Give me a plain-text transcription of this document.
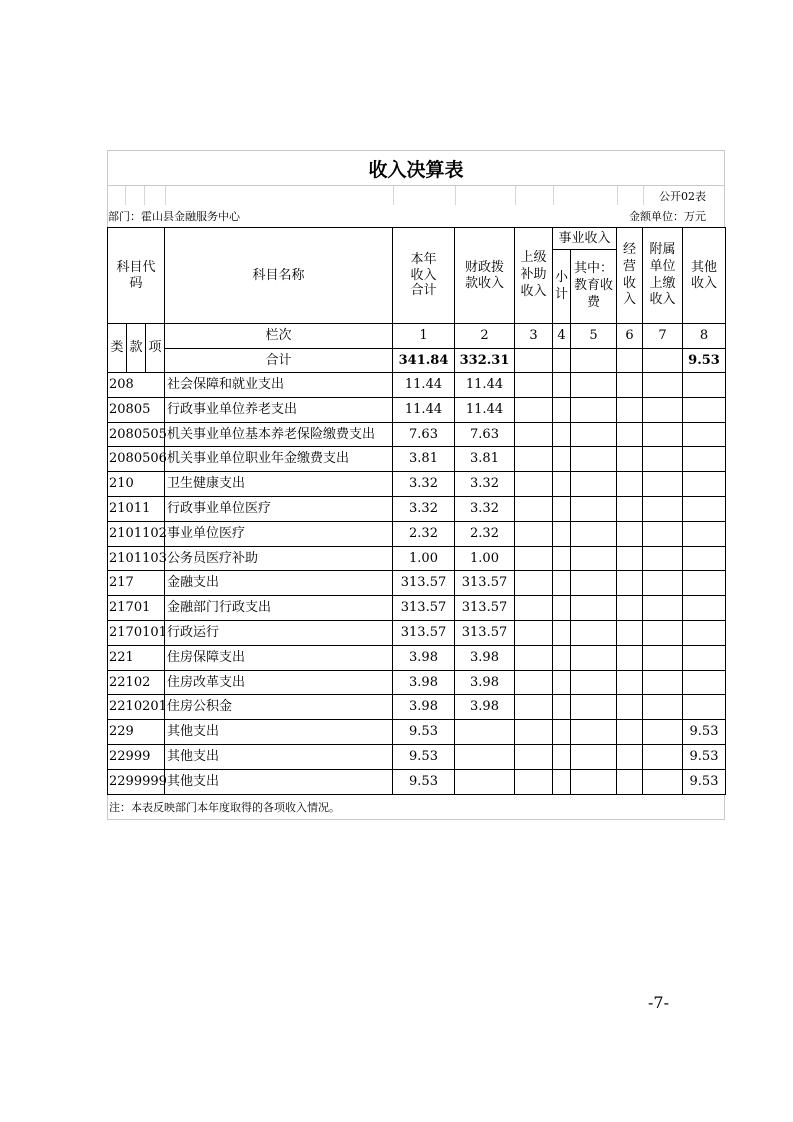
收入决算表
公开02表
部门：霍山县金融服务中心	金额单位：万元
科目代码			科目名称	本年收入合计	财政拨款收入	上级补助收入	事业收入		经营收入	附属单位上缴收入	其他收入
							小计	其中：教育收费			
类	款	项	栏次	1	2	3	4	5	6	7	8
			合计	341.84	332.31						9.53
208			社会保障和就业支出	11.44	11.44						
20805			行政事业单位养老支出	11.44	11.44						
2080505			机关事业单位基本养老保险缴费支出	7.63	7.63						
2080506			机关事业单位职业年金缴费支出	3.81	3.81						
210			卫生健康支出	3.32	3.32						
21011			行政事业单位医疗	3.32	3.32						
2101102			事业单位医疗	2.32	2.32						
2101103			公务员医疗补助	1.00	1.00						
217			金融支出	313.57	313.57						
21701			金融部门行政支出	313.57	313.57						
2170101			行政运行	313.57	313.57						
221			住房保障支出	3.98	3.98						
22102			住房改革支出	3.98	3.98						
2210201			住房公积金	3.98	3.98						
229			其他支出	9.53							9.53
22999			其他支出	9.53							9.53
2299999			其他支出	9.53							9.53
注：本表反映部门本年度取得的各项收入情况。
-7-
